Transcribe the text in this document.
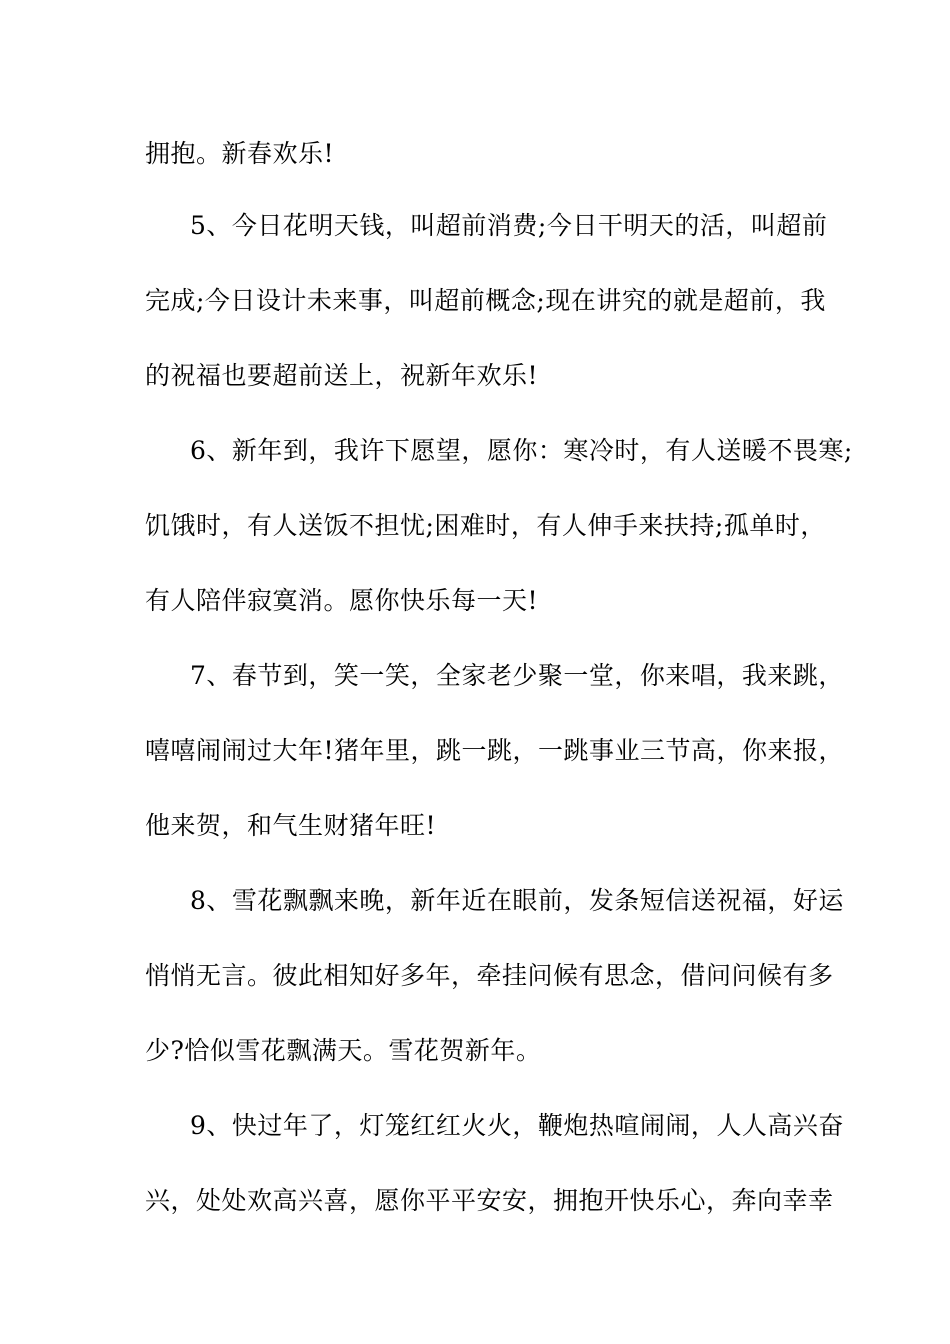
拥抱。新春欢乐!
5、今日花明天钱，叫超前消费;今日干明天的活，叫超前
完成;今日设计未来事，叫超前概念;现在讲究的就是超前，我
的祝福也要超前送上，祝新年欢乐!
6、新年到，我许下愿望，愿你：寒冷时，有人送暖不畏寒;
饥饿时，有人送饭不担忧;困难时，有人伸手来扶持;孤单时，
有人陪伴寂寞消。愿你快乐每一天!
7、春节到，笑一笑，全家老少聚一堂，你来唱，我来跳，
嘻嘻闹闹过大年!猪年里，跳一跳，一跳事业三节高，你来报，
他来贺，和气生财猪年旺!
8、雪花飘飘来晚，新年近在眼前，发条短信送祝福，好运
悄悄无言。彼此相知好多年，牵挂问候有思念，借问问候有多
少?恰似雪花飘满天。雪花贺新年。
9、快过年了，灯笼红红火火，鞭炮热喧闹闹，人人高兴奋
兴，处处欢高兴喜，愿你平平安安，拥抱开快乐心，奔向幸幸
